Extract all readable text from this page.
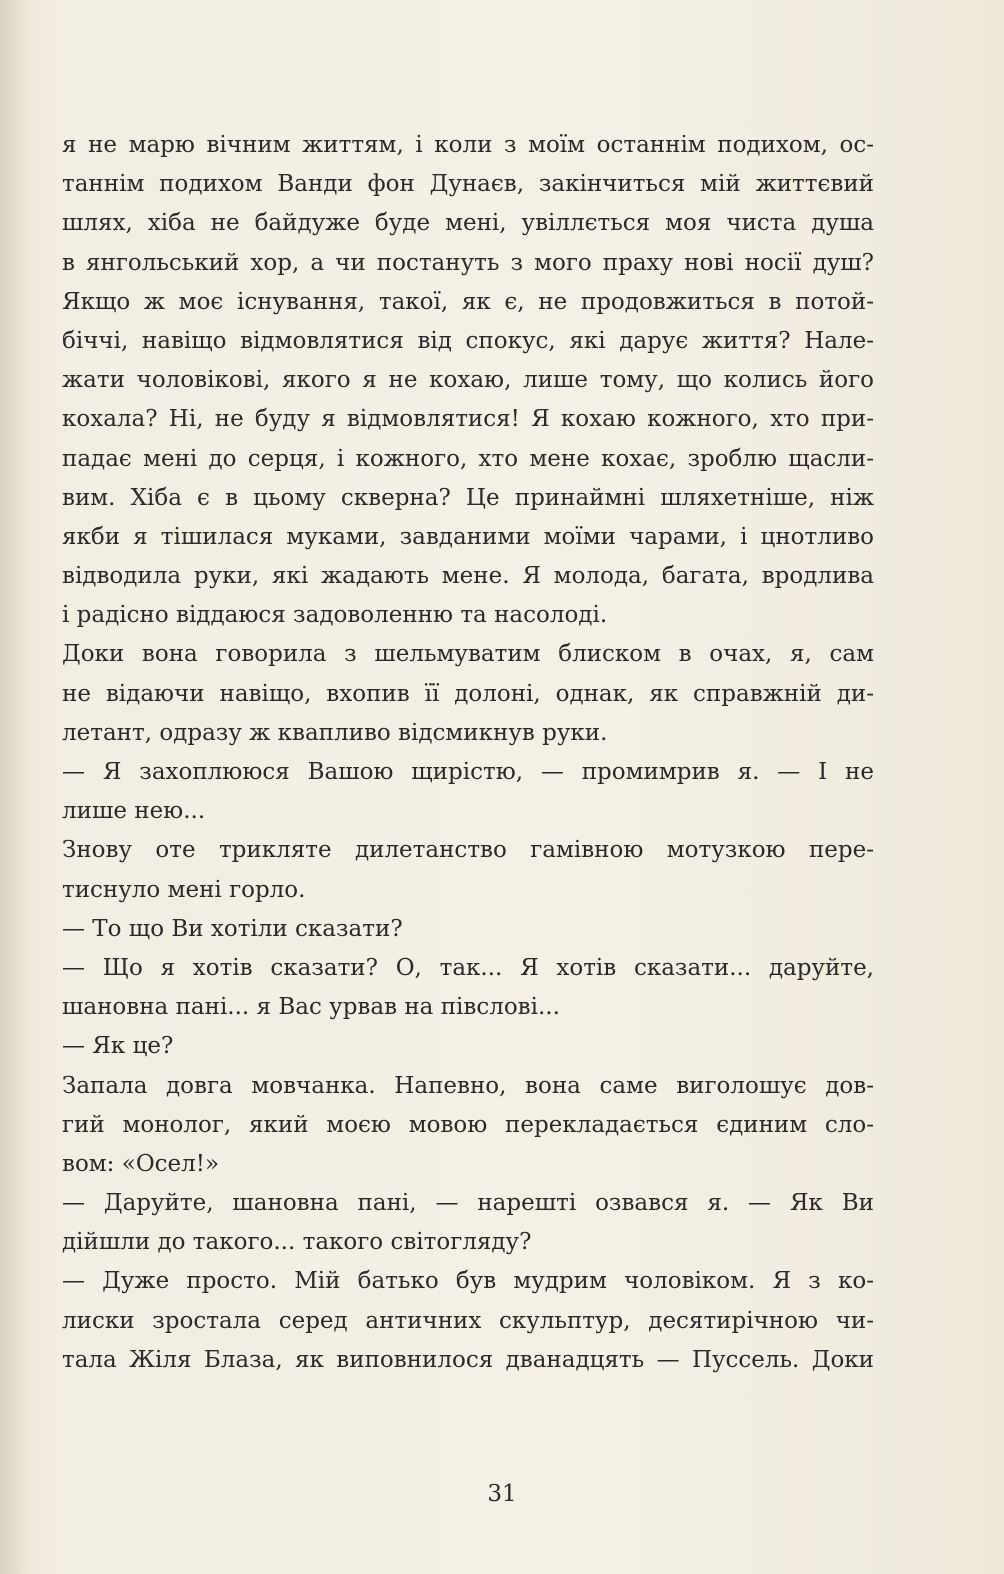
я не марю вічним життям, і коли з моїм останнім подихом, ос-
таннім подихом Ванди фон Дунаєв, закінчиться мій життєвий
шлях, хіба не байдуже буде мені, увіллється моя чиста душа
в янгольський хор, а чи постануть з мого праху нові носії душ?
Якщо ж моє існування, такої, як є, не продовжиться в потой-
біччі, навіщо відмовлятися від спокус, які дарує життя? Нале-
жати чоловікові, якого я не кохаю, лише тому, що колись його
кохала? Ні, не буду я відмовлятися! Я кохаю кожного, хто при-
падає мені до серця, і кожного, хто мене кохає, зроблю щасли-
вим. Хіба є в цьому скверна? Це принаймні шляхетніше, ніж
якби я тішилася муками, завданими моїми чарами, і цнотливо
відводила руки, які жадають мене. Я молода, багата, вродлива
і радісно віддаюся задоволенню та насолоді.
Доки вона говорила з шельмуватим блиском в очах, я, сам
не відаючи навіщо, вхопив її долоні, однак, як справжній ди-
летант, одразу ж квапливо відсмикнув руки.
— Я захоплююся Вашою щирістю, — промимрив я. — І не
лише нею...
Знову оте трикляте дилетанство гамівною мотузкою пере-
тиснуло мені горло.
— То що Ви хотіли сказати?
— Що я хотів сказати? О, так... Я хотів сказати... даруйте,
шановна пані... я Вас урвав на півслові...
— Як це?
Запала довга мовчанка. Напевно, вона саме виголошує дов-
гий монолог, який моєю мовою перекладається єдиним сло-
вом: «Осел!»
— Даруйте, шановна пані, — нарешті озвався я. — Як Ви
дійшли до такого... такого світогляду?
— Дуже просто. Мій батько був мудрим чоловіком. Я з ко-
лиски зростала серед античних скульптур, десятирічною чи-
тала Жіля Блаза, як виповнилося дванадцять — Пуссель. Доки
31
